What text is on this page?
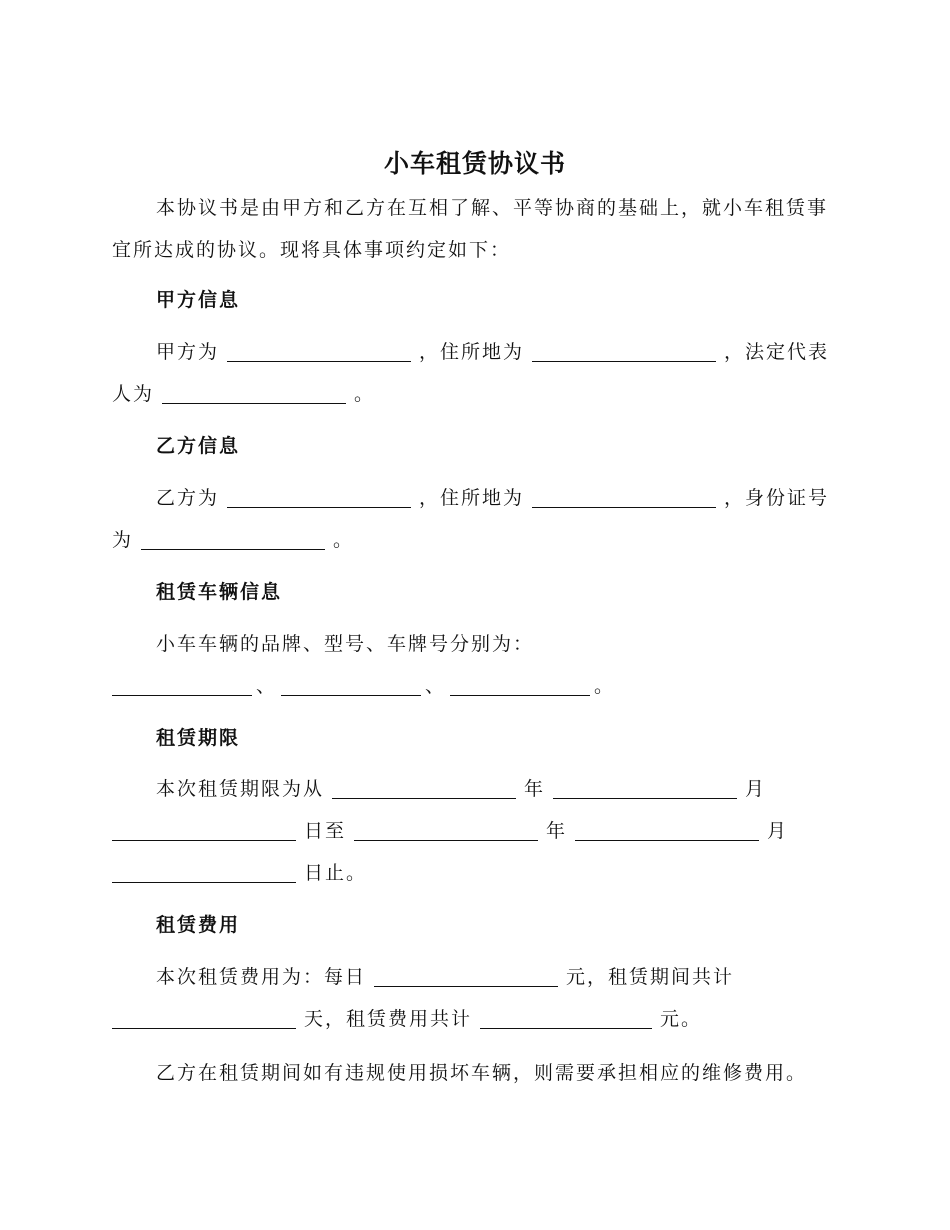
小车租赁协议书
本协议书是由甲方和乙方在互相了解、平等协商的基础上，就小车租赁事宜所达成的协议。现将具体事项约定如下：
甲方信息
甲方为	，住所地为	，法定代表人为	。
乙方信息
乙方为	，住所地为	，身份证号为	。
租赁车辆信息
小车车辆的品牌、型号、车牌号分别为：
、	、	。
租赁期限
本次租赁期限为从	年	月
日至	年	月
日止。
租赁费用
本次租赁费用为：每日	元，租赁期间共计
天，租赁费用共计	元。
乙方在租赁期间如有违规使用损坏车辆，则需要承担相应的维修费用。
